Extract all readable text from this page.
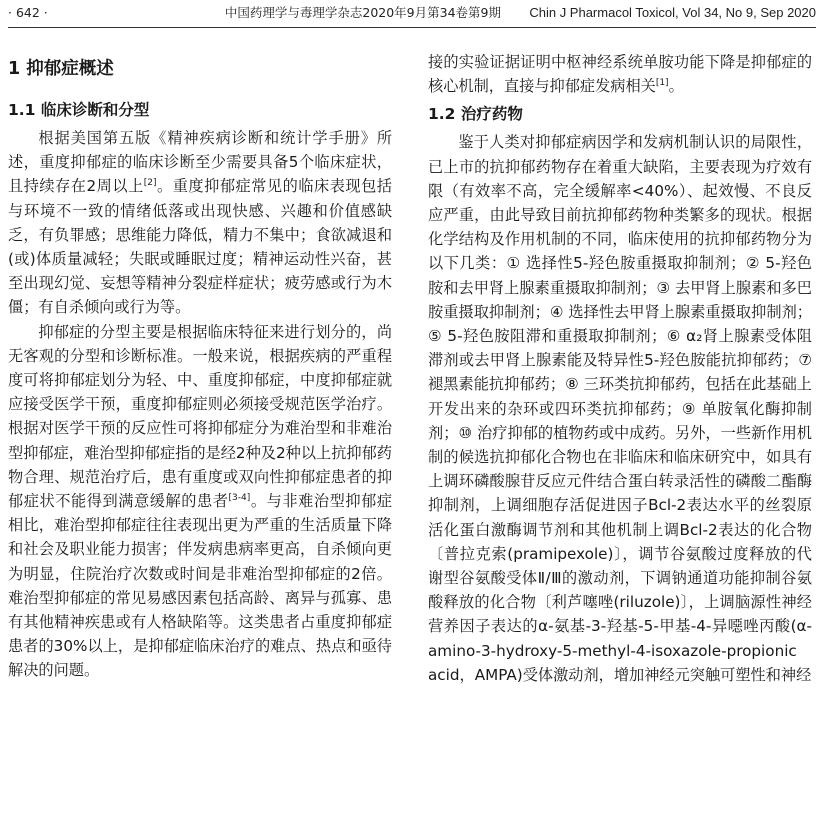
· 642 ·	中国药理学与毒理学杂志2020年9月第34卷第9期 Chin J Pharmacol Toxicol, Vol 34, No 9, Sep 2020
1 抑郁症概述
1.1 临床诊断和分型

根据美国第五版《精神疾病诊断和统计学手册》所述，重度抑郁症的临床诊断至少需要具备5个临床症状，且持续存在2周以上[2]。重度抑郁症常见的临床表现包括与环境不一致的情绪低落或出现快感、兴趣和价值感缺乏，有负罪感；思维能力降低，精力不集中；食欲减退和(或)体质量减轻；失眠或睡眠过度；精神运动性兴奋，甚至出现幻觉、妄想等精神分裂症样症状；疲劳感或行为木僵；有自杀倾向或行为等。

抑郁症的分型主要是根据临床特征来进行划分的，尚无客观的分型和诊断标准。一般来说，根据疾病的严重程度可将抑郁症划分为轻、中、重度抑郁症，中度抑郁症就应接受医学干预，重度抑郁症则必须接受规范医学治疗。根据对医学干预的反应性可将抑郁症分为难治型和非难治型抑郁症，难治型抑郁症指的是经2种及2种以上抗抑郁药物合理、规范治疗后，患有重度或双向性抑郁症患者的抑郁症状不能得到满意缓解的患者[3-4]。与非难治型抑郁症相比，难治型抑郁症往往表现出更为严重的生活质量下降和社会及职业能力损害；伴发病患病率更高，自杀倾向更为明显，住院治疗次数或时间是非难治型抑郁症的2倍。难治型抑郁症的常见易感因素包括高龄、离异与孤寡、患有其他精神疾患或有人格缺陷等。这类患者占重度抑郁症患者的30%以上，是抑郁症临床治疗的难点、热点和亟待解决的问题。

接的实验证据证明中枢神经系统单胺功能下降是抑郁症的核心机制，直接与抑郁症发病相关[1]。

1.2 治疗药物

鉴于人类对抑郁症病因学和发病机制认识的局限性，已上市的抗抑郁药物存在着重大缺陷，主要表现为疗效有限（有效率不高，完全缓解率<40%）、起效慢、不良反应严重，由此导致目前抗抑郁药物种类繁多的现状。根据化学结构及作用机制的不同，临床使用的抗抑郁药物分为以下几类：① 选择性5-羟色胺重摄取抑制剂；② 5-羟色胺和去甲肾上腺素重摄取抑制剂；③ 去甲肾上腺素和多巴胺重摄取抑制剂；④ 选择性去甲肾上腺素重摄取抑制剂；⑤ 5-羟色胺阻滞和重摄取抑制剂；⑥ α₂肾上腺素受体阻滞剂或去甲肾上腺素能及特异性5-羟色胺能抗抑郁药；⑦ 褪黑素能抗抑郁药；⑧ 三环类抗抑郁药，包括在此基础上开发出来的杂环或四环类抗抑郁药；⑨ 单胺氧化酶抑制剂；⑩ 治疗抑郁的植物药或中成药。另外，一些新作用机制的候选抗抑郁化合物也在非临床和临床研究中，如具有上调环磷酸腺苷反应元件结合蛋白转录活性的磷酸二酯酶抑制剂，上调细胞存活促进因子Bcl-2表达水平的丝裂原活化蛋白激酶调节剂和其他机制上调Bcl-2表达的化合物〔普拉克索(pramipexole)〕，调节谷氨酸过度释放的代谢型谷氨酸受体Ⅱ/Ⅲ的激动剂，下调钠通道功能抑制谷氨酸释放的化合物〔利芦噻唑(riluzole)〕，上调脑源性神经营养因子表达的α-氨基-3-羟基-5-甲基-4-异噁唑丙酸(α-amino-3-hydroxy-5-methyl-4-isoxazole-propionic acid，AMPA)受体激动剂，增加神经元突触可塑性和神经
